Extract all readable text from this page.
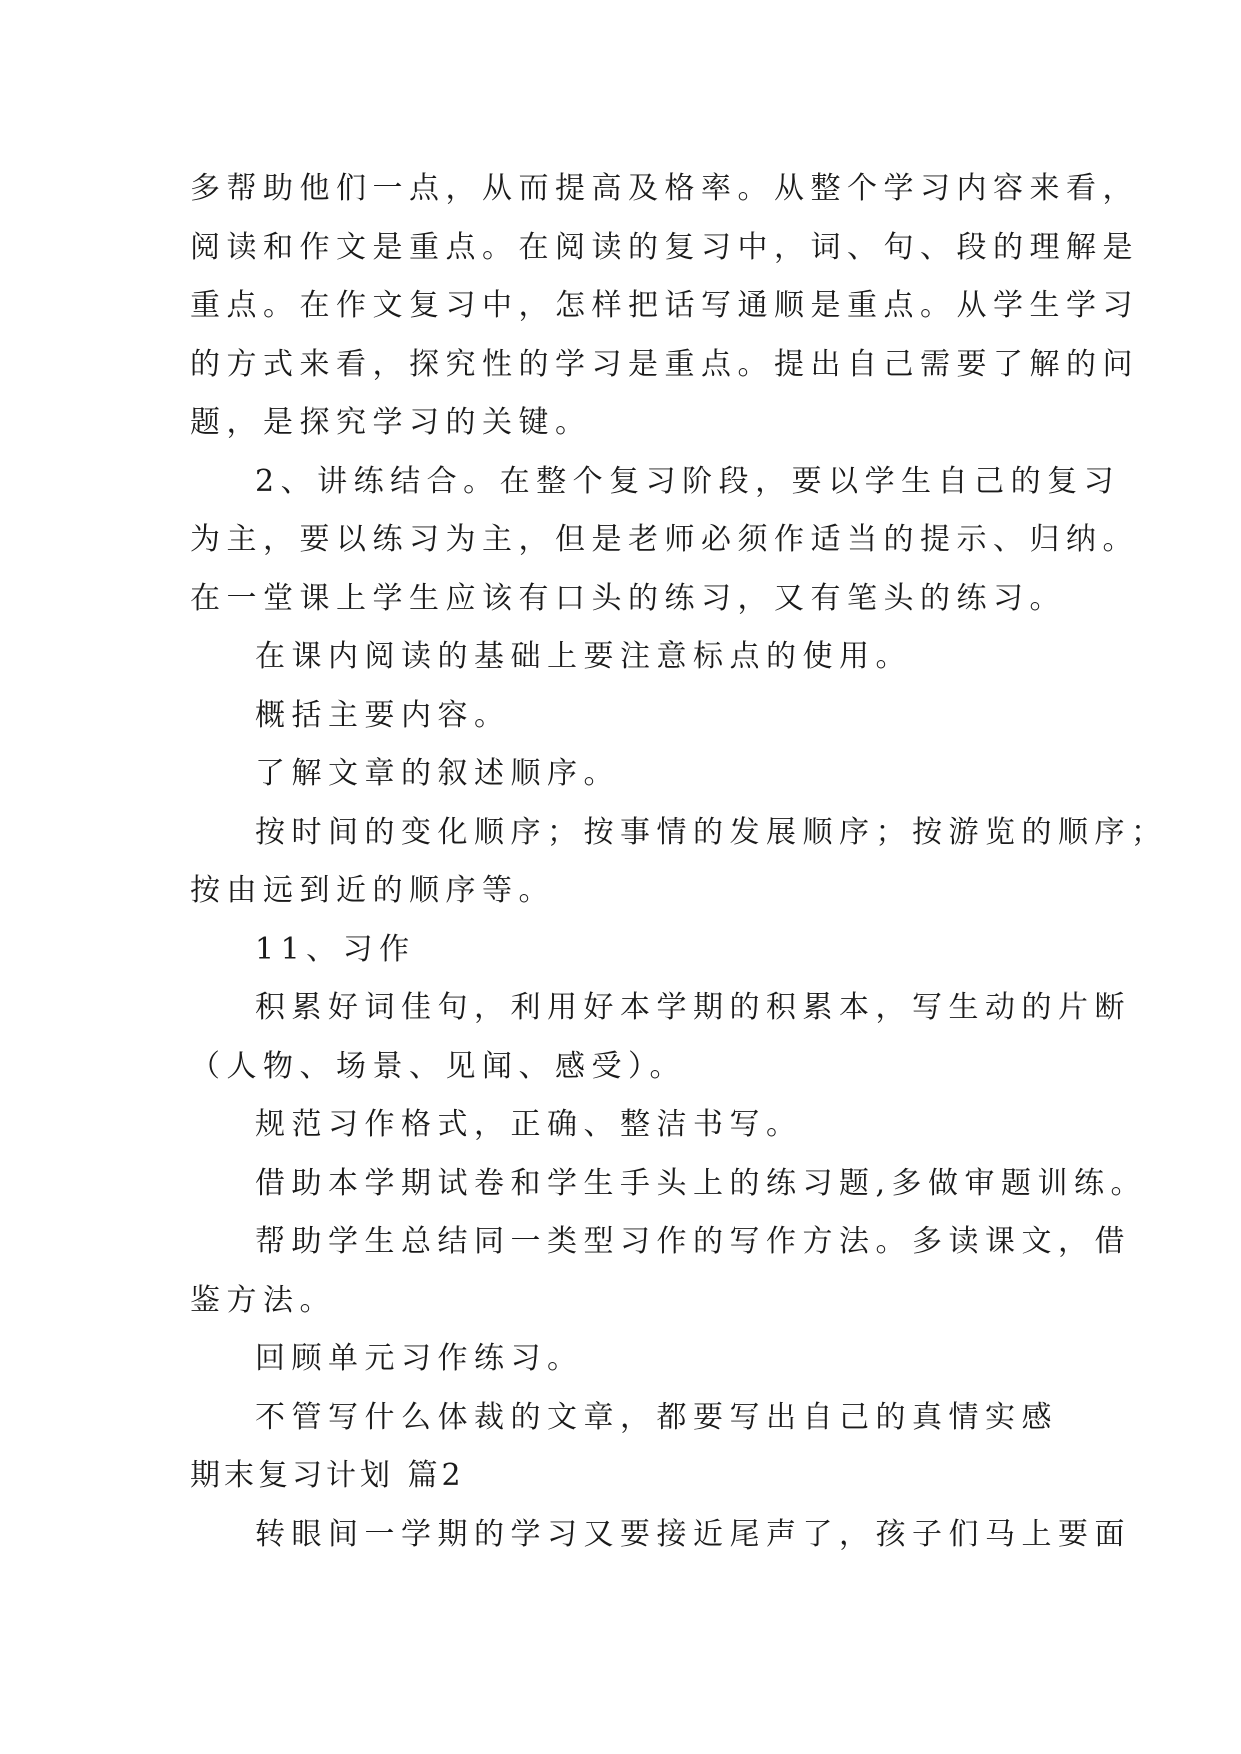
多帮助他们一点，从而提高及格率。从整个学习内容来看，
阅读和作文是重点。在阅读的复习中，词、句、段的理解是
重点。在作文复习中，怎样把话写通顺是重点。从学生学习
的方式来看，探究性的学习是重点。提出自己需要了解的问
题，是探究学习的关键。
2、讲练结合。在整个复习阶段，要以学生自己的复习
为主，要以练习为主，但是老师必须作适当的提示、归纳。
在一堂课上学生应该有口头的练习，又有笔头的练习。
在课内阅读的基础上要注意标点的使用。
概括主要内容。
了解文章的叙述顺序。
按时间的变化顺序；按事情的发展顺序；按游览的顺序；
按由远到近的顺序等。
11、习作
积累好词佳句，利用好本学期的积累本，写生动的片断
（人物、场景、见闻、感受）。
规范习作格式，正确、整洁书写。
借助本学期试卷和学生手头上的练习题,多做审题训练。
帮助学生总结同一类型习作的写作方法。多读课文，借
鉴方法。
回顾单元习作练习。
不管写什么体裁的文章，都要写出自己的真情实感
期末复习计划 篇2
转眼间一学期的学习又要接近尾声了，孩子们马上要面
